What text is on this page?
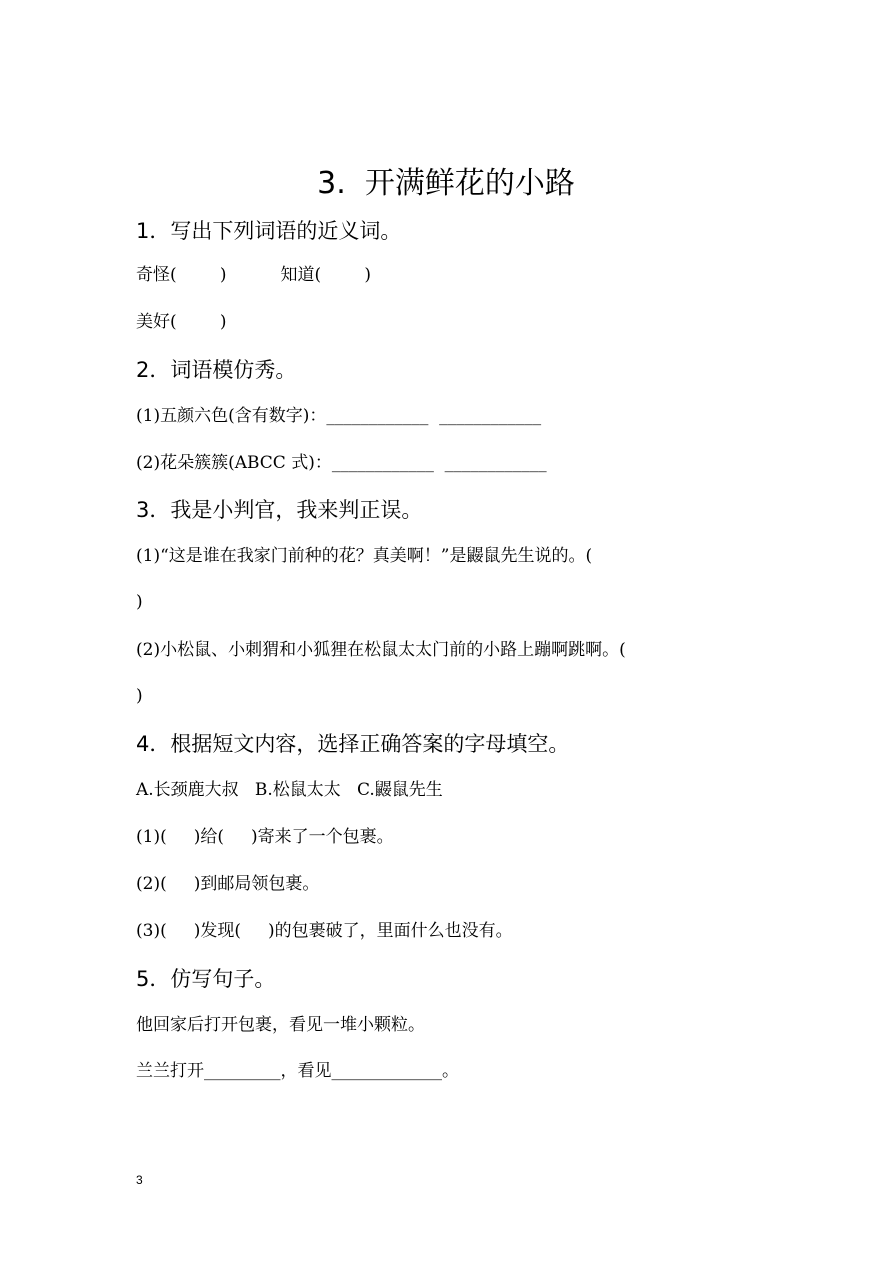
3.  开满鲜花的小路
1．写出下列词语的近义词。
奇怪(        )          知道(        )
美好(        )
2．词语模仿秀。
(1)五颜六色(含有数字)：____________  ____________
(2)花朵簇簇(ABCC 式)：____________  ____________
3．我是小判官，我来判正误。
(1)“这是谁在我家门前种的花？真美啊！”是鼹鼠先生说的。(
)
(2)小松鼠、小刺猬和小狐狸在松鼠太太门前的小路上蹦啊跳啊。(
)
4．根据短文内容，选择正确答案的字母填空。
A.长颈鹿大叔   B.松鼠太太   C.鼹鼠先生
(1)(     )给(     )寄来了一个包裹。
(2)(     )到邮局领包裹。
(3)(     )发现(     )的包裹破了，里面什么也没有。
5．仿写句子。
他回家后打开包裹，看见一堆小颗粒。
兰兰打开_________，看见_____________。
3
